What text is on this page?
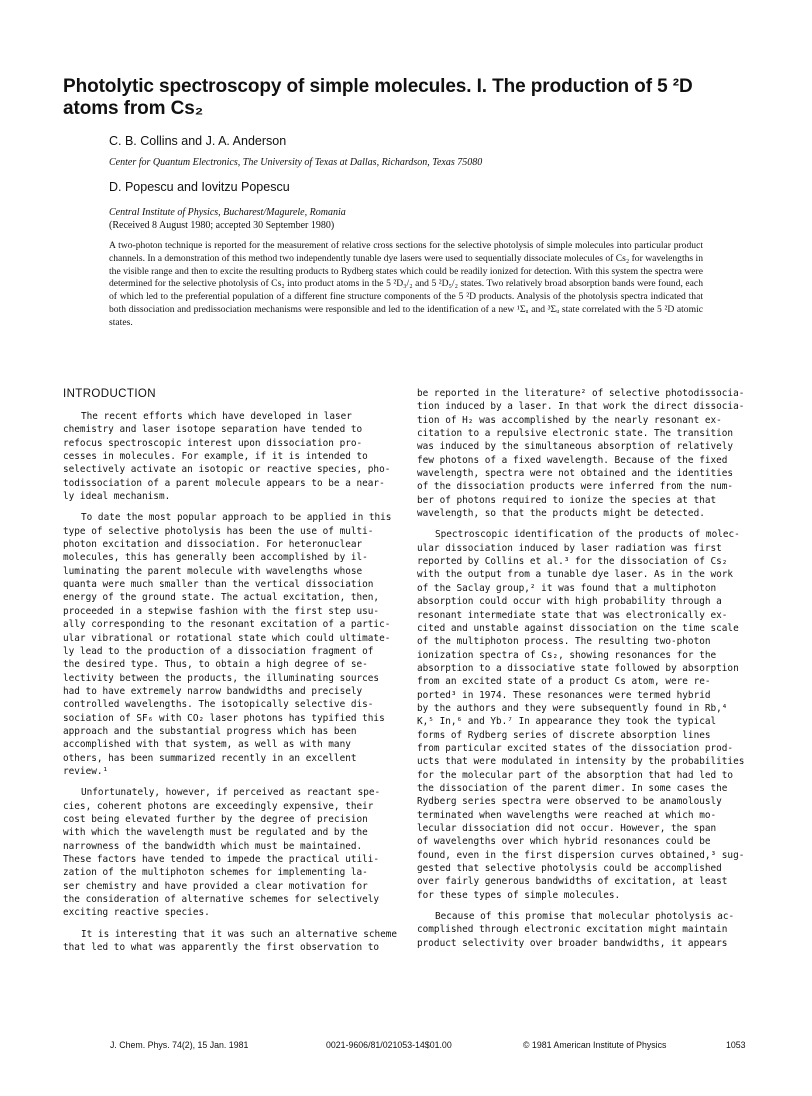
Photolytic spectroscopy of simple molecules. I. The production of 5 ²D atoms from Cs₂
C. B. Collins and J. A. Anderson
Center for Quantum Electronics, The University of Texas at Dallas, Richardson, Texas 75080
D. Popescu and Iovitzu Popescu
Central Institute of Physics, Bucharest/Magurele, Romania
(Received 8 August 1980; accepted 30 September 1980)

A two-photon technique is reported for the measurement of relative cross sections for the selective photolysis of simple molecules into particular product channels. In a demonstration of this method two independently tunable dye lasers were used to sequentially dissociate molecules of Cs₂ for wavelengths in the visible range and then to excite the resulting products to Rydberg states which could be readily ionized for detection. With this system the spectra were determined for the selective photolysis of Cs₂ into product atoms in the 5 ²D₃/₂ and 5 ²D₅/₂ states. Two relatively broad absorption bands were found, each of which led to the preferential population of a different fine structure components of the 5 ²D products. Analysis of the photolysis spectra indicated that both dissociation and predissociation mechanisms were responsible and led to the identification of a new ¹Σᵤ and ³Σᵤ state correlated with the 5 ²D atomic states.

INTRODUCTION

The recent efforts which have developed in laser
chemistry and laser isotope separation have tended to
refocus spectroscopic interest upon dissociation pro-
cesses in molecules. For example, if it is intended to
selectively activate an isotopic or reactive species, pho-
todissociation of a parent molecule appears to be a near-
ly ideal mechanism.

To date the most popular approach to be applied in this
type of selective photolysis has been the use of multi-
photon excitation and dissociation. For heteronuclear
molecules, this has generally been accomplished by il-
luminating the parent molecule with wavelengths whose
quanta were much smaller than the vertical dissociation
energy of the ground state. The actual excitation, then,
proceeded in a stepwise fashion with the first step usu-
ally corresponding to the resonant excitation of a partic-
ular vibrational or rotational state which could ultimate-
ly lead to the production of a dissociation fragment of
the desired type. Thus, to obtain a high degree of se-
lectivity between the products, the illuminating sources
had to have extremely narrow bandwidths and precisely
controlled wavelengths. The isotopically selective dis-
sociation of SF₆ with CO₂ laser photons has typified this
approach and the substantial progress which has been
accomplished with that system, as well as with many
others, has been summarized recently in an excellent
review.¹

Unfortunately, however, if perceived as reactant spe-
cies, coherent photons are exceedingly expensive, their
cost being elevated further by the degree of precision
with which the wavelength must be regulated and by the
narrowness of the bandwidth which must be maintained.
These factors have tended to impede the practical utili-
zation of the multiphoton schemes for implementing la-
ser chemistry and have provided a clear motivation for
the consideration of alternative schemes for selectively
exciting reactive species.

It is interesting that it was such an alternative scheme
that led to what was apparently the first observation to

be reported in the literature² of selective photodissocia-
tion induced by a laser. In that work the direct dissocia-
tion of H₂ was accomplished by the nearly resonant ex-
citation to a repulsive electronic state. The transition
was induced by the simultaneous absorption of relatively
few photons of a fixed wavelength. Because of the fixed
wavelength, spectra were not obtained and the identities
of the dissociation products were inferred from the num-
ber of photons required to ionize the species at that
wavelength, so that the products might be detected.

Spectroscopic identification of the products of molec-
ular dissociation induced by laser radiation was first
reported by Collins et al.³ for the dissociation of Cs₂
with the output from a tunable dye laser. As in the work
of the Saclay group,² it was found that a multiphoton
absorption could occur with high probability through a
resonant intermediate state that was electronically ex-
cited and unstable against dissociation on the time scale
of the multiphoton process. The resulting two-photon
ionization spectra of Cs₂, showing resonances for the
absorption to a dissociative state followed by absorption
from an excited state of a product Cs atom, were re-
ported³ in 1974. These resonances were termed hybrid
by the authors and they were subsequently found in Rb,⁴
K,⁵ In,⁶ and Yb.⁷ In appearance they took the typical
forms of Rydberg series of discrete absorption lines
from particular excited states of the dissociation prod-
ucts that were modulated in intensity by the probabilities
for the molecular part of the absorption that had led to
the dissociation of the parent dimer. In some cases the
Rydberg series spectra were observed to be anamolously
terminated when wavelengths were reached at which mo-
lecular dissociation did not occur. However, the span
of wavelengths over which hybrid resonances could be
found, even in the first dispersion curves obtained,³ sug-
gested that selective photolysis could be accomplished
over fairly generous bandwidths of excitation, at least
for these types of simple molecules.

Because of this promise that molecular photolysis ac-
complished through electronic excitation might maintain
product selectivity over broader bandwidths, it appears

J. Chem. Phys. 74(2), 15 Jan. 1981	0021-9606/81/021053-14$01.00	© 1981 American Institute of Physics	1053
